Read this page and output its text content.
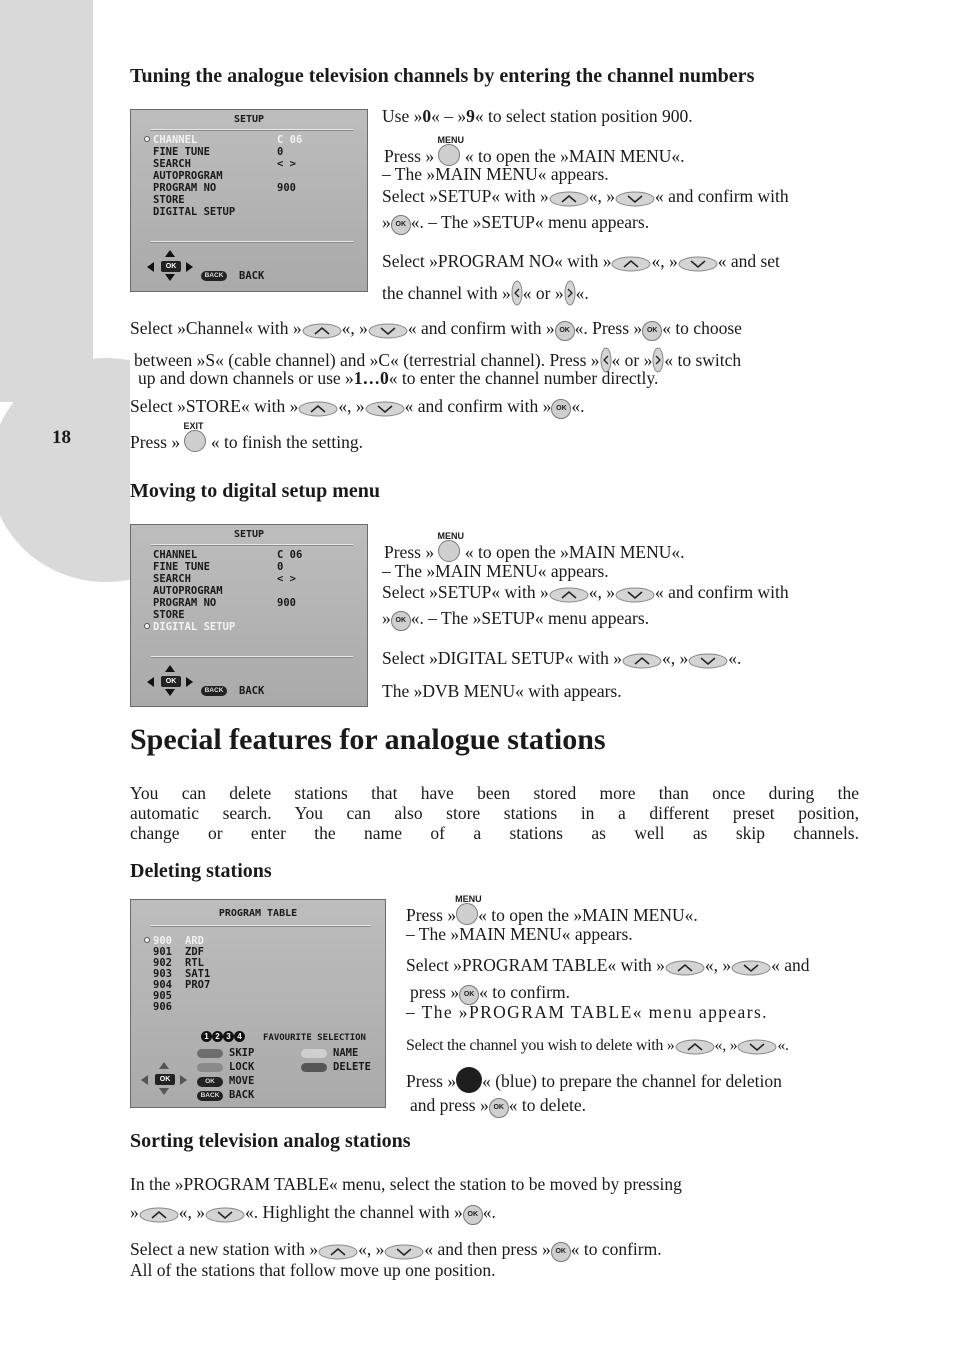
18
Tuning the analogue television channels by entering the channel numbers
SETUP
CHANNEL	C 06
FINE TUNE	0
SEARCH	< >
AUTOPROGRAM
PROGRAM NO	900
STORE
DIGITAL SETUP
OK
BACK	BACK
Use »0« – »9« to select station position 900.
Press »
MENU
« to open the »MAIN MENU«.
– The »MAIN MENU« appears.
Select »SETUP« with » «, » « and confirm with
» OK «. – The »SETUP« menu appears.
Select »PROGRAM NO« with » «, » « and set
the channel with » « or » «.
Select »Channel« with » «, » « and confirm with » OK «. Press » OK « to choose
between »S« (cable channel) and »C« (terrestrial channel). Press » « or » « to switch
up and down channels or use »1…0« to enter the channel number directly.
Select »STORE« with » «, » « and confirm with » OK «.
Press »
EXIT
« to finish the setting.
Moving to digital setup menu
SETUP
CHANNEL	C 06
FINE TUNE	0
SEARCH	< >
AUTOPROGRAM
PROGRAM NO	900
STORE
DIGITAL SETUP
OK
BACK	BACK
Press »
MENU
« to open the »MAIN MENU«.
– The »MAIN MENU« appears.
Select »SETUP« with » «, » « and confirm with
» OK «. – The »SETUP« menu appears.
Select »DIGITAL SETUP« with » «, » «.
The »DVB MENU« with appears.
Special features for analogue stations
You can delete stations that have been stored more than once during the
automatic search. You can also store stations in a different preset position,
change or enter the name of a stations as well as skip channels.
Deleting stations
PROGRAM TABLE
900 ARD
901 ZDF
902 RTL
903 SAT1
904 PRO7
905
906
1 2 3 4	FAVOURITE SELECTION
SKIP
LOCK
OK	MOVE
BACK BACK
NAME
DELETE
OK
Press »
MENU
« to open the »MAIN MENU«.
– The »MAIN MENU« appears.
Select »PROGRAM TABLE« with » «, » « and
press » OK « to confirm.
– The »PROGRAM TABLE« menu appears.
Select the channel you wish to delete with »	«, »	«.
Press » « (blue) to prepare the channel for deletion
and press » OK « to delete.
Sorting television analog stations
In the »PROGRAM TABLE« menu, select the station to be moved by pressing
» «, » «. Highlight the channel with » OK «.
Select a new station with » «, » « and then press » OK « to confirm.
All of the stations that follow move up one position.
